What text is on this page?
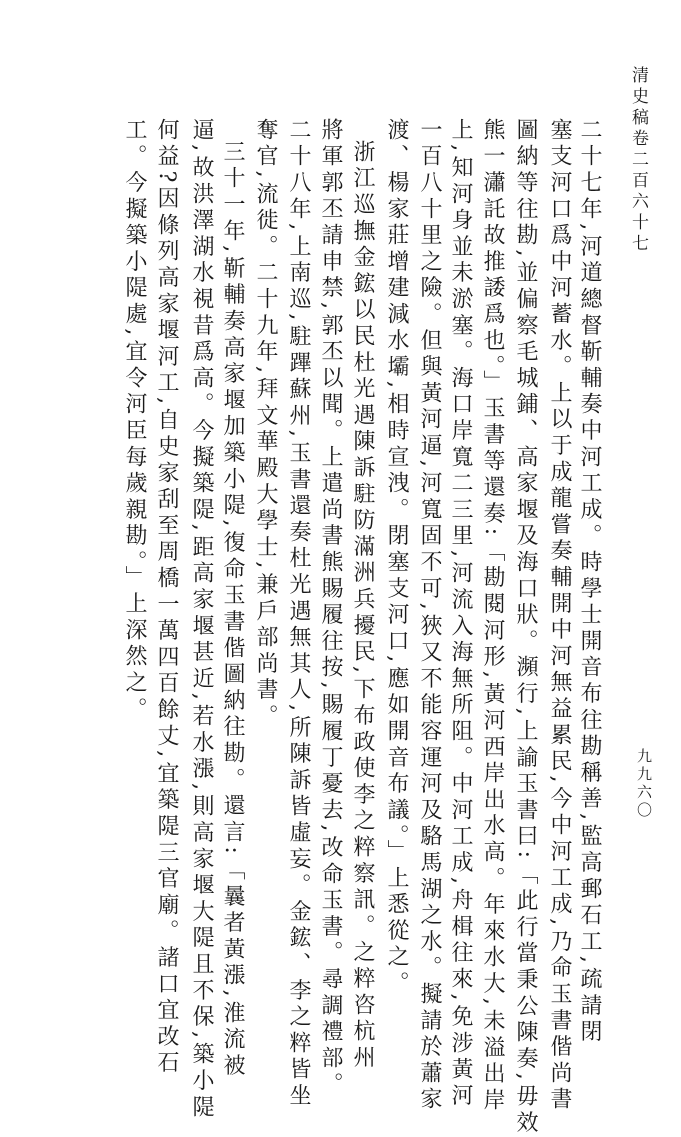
清史稿卷二百六十七
九九六〇
二十七年,河道總督靳輔奏中河工成。時學士開音布往勘稱善,監高郵石工,疏請閉
塞支河口爲中河蓄水。上以于成龍嘗奏輔開中河無益累民,今中河工成,乃命玉書偕尚書
圖納等往勘,並偏察毛城鋪、高家堰及海口狀。瀕行,上諭玉書曰:「此行當秉公陳奏,毋效
熊一瀟託故推諉爲也。」玉書等還奏:「勘閱河形,黃河西岸出水高。年來水大,未溢出岸
上,知河身並未淤塞。海口岸寬二三里,河流入海無所阻。中河工成,舟楫往來,免涉黃河
一百八十里之險。但與黃河逼,河寬固不可,狹又不能容運河及駱馬湖之水。擬請於蕭家
渡、楊家莊增建減水壩,相時宣洩。閉塞支河口,應如開音布議。」上悉從之。
浙江巡撫金鋐以民杜光遇陳訴駐防滿洲兵擾民,下布政使李之粹察訊。之粹咨杭州
將軍郭丕請申禁,郭丕以聞。上遣尚書熊賜履往按,賜履丁憂去,改命玉書。尋調禮部。
二十八年,上南巡,駐蹕蘇州,玉書還奏杜光遇無其人,所陳訴皆虛妄。金鋐、李之粹皆坐
奪官,流徙。二十九年,拜文華殿大學士,兼戶部尚書。
三十一年,靳輔奏高家堰加築小隄,復命玉書偕圖納往勘。還言:「曩者黃漲,淮流被
逼,故洪澤湖水視昔爲高。今擬築隄,距高家堰甚近,若水漲,則高家堰大隄且不保,築小隄
何益?因條列高家堰河工,自史家刮至周橋一萬四百餘丈,宜築隄三官廟。諸口宜改石
工。今擬築小隄處,宜令河臣每歲親勘。」上深然之。
